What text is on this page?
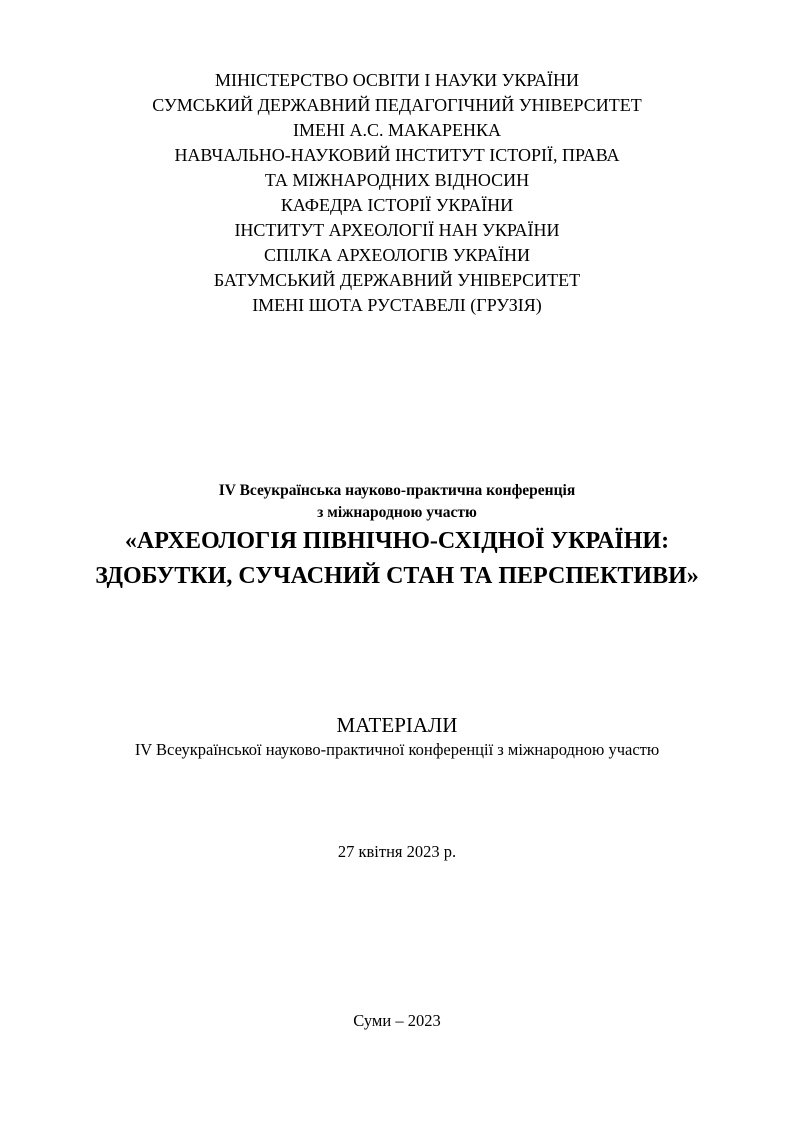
МІНІСТЕРСТВО ОСВІТИ І НАУКИ УКРАЇНИ
СУМСЬКИЙ ДЕРЖАВНИЙ ПЕДАГОГІЧНИЙ УНІВЕРСИТЕТ
ІМЕНІ А.С. МАКАРЕНКА
НАВЧАЛЬНО-НАУКОВИЙ ІНСТИТУТ ІСТОРІЇ, ПРАВА
ТА МІЖНАРОДНИХ ВІДНОСИН
КАФЕДРА ІСТОРІЇ УКРАЇНИ
ІНСТИТУТ АРХЕОЛОГІЇ НАН УКРАЇНИ
СПІЛКА АРХЕОЛОГІВ УКРАЇНИ
БАТУМСЬКИЙ ДЕРЖАВНИЙ УНІВЕРСИТЕТ
ІМЕНІ ШОТА РУСТАВЕЛІ (ГРУЗІЯ)
IV Всеукраїнська науково-практична конференція
з міжнародною участю
«АРХЕОЛОГІЯ ПІВНІЧНО-СХІДНОЇ УКРАЇНИ:
ЗДОБУТКИ, СУЧАСНИЙ СТАН ТА ПЕРСПЕКТИВИ»
МАТЕРІАЛИ
IV Всеукраїнської науково-практичної конференції з міжнародною участю
27 квітня 2023 р.
Суми – 2023
